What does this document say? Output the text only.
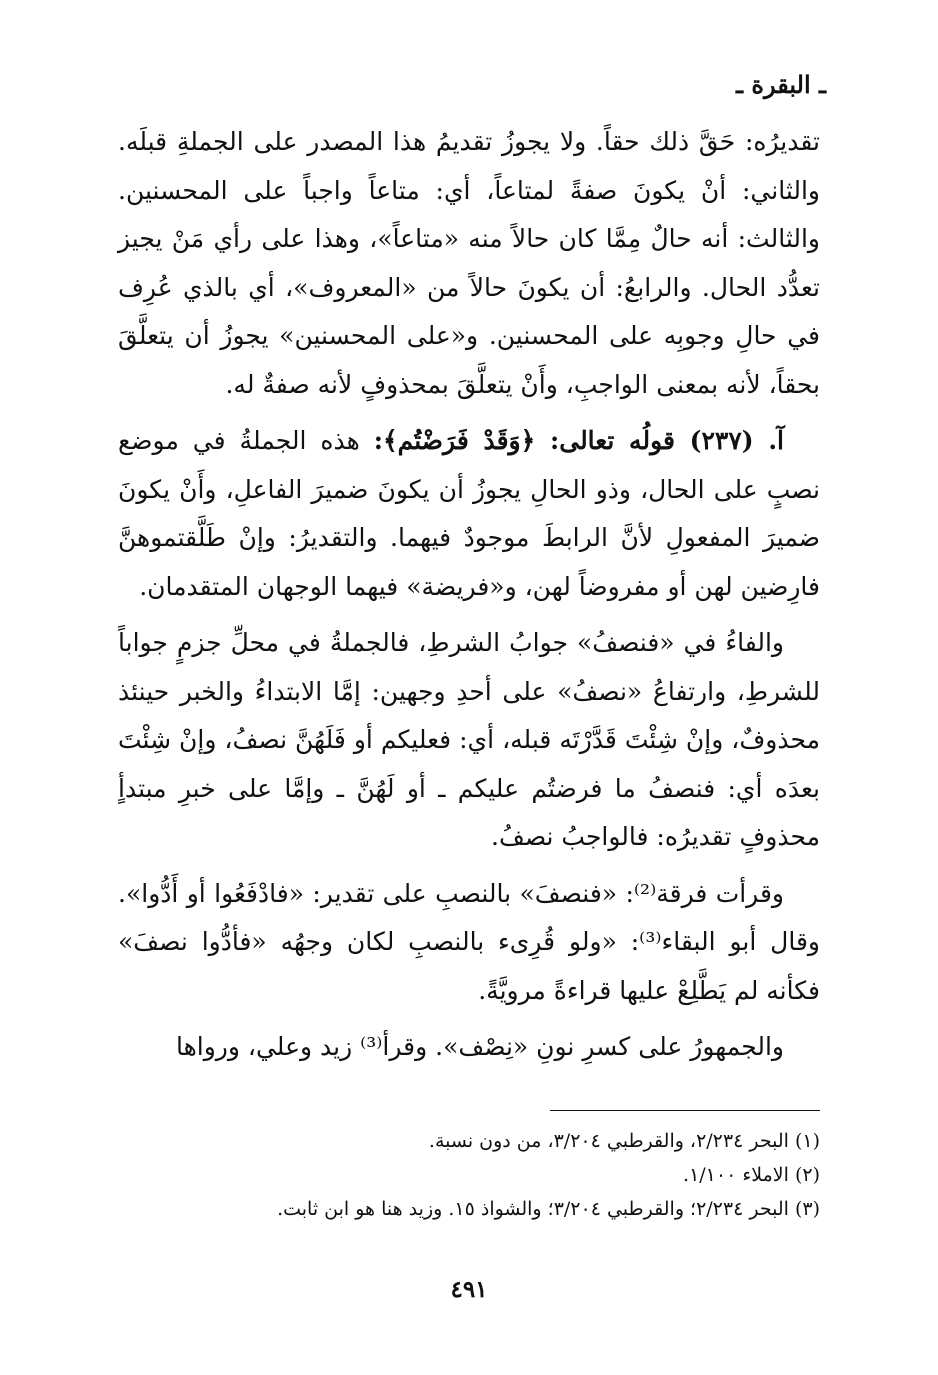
ـ البقرة ـ

تقديرُه: حَقَّ ذلك حقاً. ولا يجوزُ تقديمُ هذا المصدر على الجملةِ قبلَه. والثاني: أنْ يكونَ صفةً لمتاعاً، أي: متاعاً واجباً على المحسنين. والثالث: أنه حالٌ مِمَّا كان حالاً منه «متاعاً»، وهذا على رأي مَنْ يجيز تعدُّد الحال. والرابعُ: أن يكونَ حالاً من «المعروف»، أي بالذي عُرِف في حالِ وجوبِه على المحسنين. و«على المحسنين» يجوزُ أن يتعلَّقَ بحقاً، لأنه بمعنى الواجبِ، وأَنْ يتعلَّقَ بمحذوفٍ لأنه صفةٌ له.

آ. (٢٣٧) قولُه تعالى: ﴿وَقَدْ فَرَضْتُم﴾: هذه الجملةُ في موضع نصبٍ على الحال، وذو الحالِ يجوزُ أن يكونَ ضميرَ الفاعلِ، وأَنْ يكونَ ضميرَ المفعولِ لأنَّ الرابطَ موجودٌ فيهما. والتقديرُ: وإنْ طَلَّقتموهنَّ فارِضين لهن أو مفروضاً لهن، و«فريضة» فيهما الوجهان المتقدمان.

والفاءُ في «فنصفُ» جوابُ الشرطِ، فالجملةُ في محلِّ جزمٍ جواباً للشرطِ، وارتفاعُ «نصفُ» على أحدِ وجهين: إمَّا الابتداءُ والخبر حينئذ محذوفٌ، وإنْ شِئْتَ قَدَّرْتَه قبله، أي: فعليكم أو فَلَهُنَّ نصفُ، وإنْ شِئْتَ بعدَه أي: فنصفُ ما فرضتُم عليكم ـ أو لَهُنَّ ـ وإمَّا على خبرِ مبتدأٍ محذوفٍ تقديرُه: فالواجبُ نصفُ.

وقرأت فرقة⁽²⁾: «فنصفَ» بالنصبِ على تقدير: «فادْفَعُوا أو أَدُّوا». وقال أبو البقاء⁽³⁾: «ولو قُرِىء بالنصبِ لكان وجهُه «فأدُّوا نصفَ» فكأنه لم يَطَّلِعْ عليها قراءةً مرويَّةً.

والجمهورُ على كسرِ نونِ «نِصْف». وقرأ⁽³⁾ زيد وعلي، ورواها

(١) البحر ٢/٢٣٤، والقرطبي ٣/٢٠٤، من دون نسبة.
(٢) الاملاء ١/١٠٠.
(٣) البحر ٢/٢٣٤؛ والقرطبي ٣/٢٠٤؛ والشواذ ١٥. وزيد هنا هو ابن ثابت.
٤٩١
